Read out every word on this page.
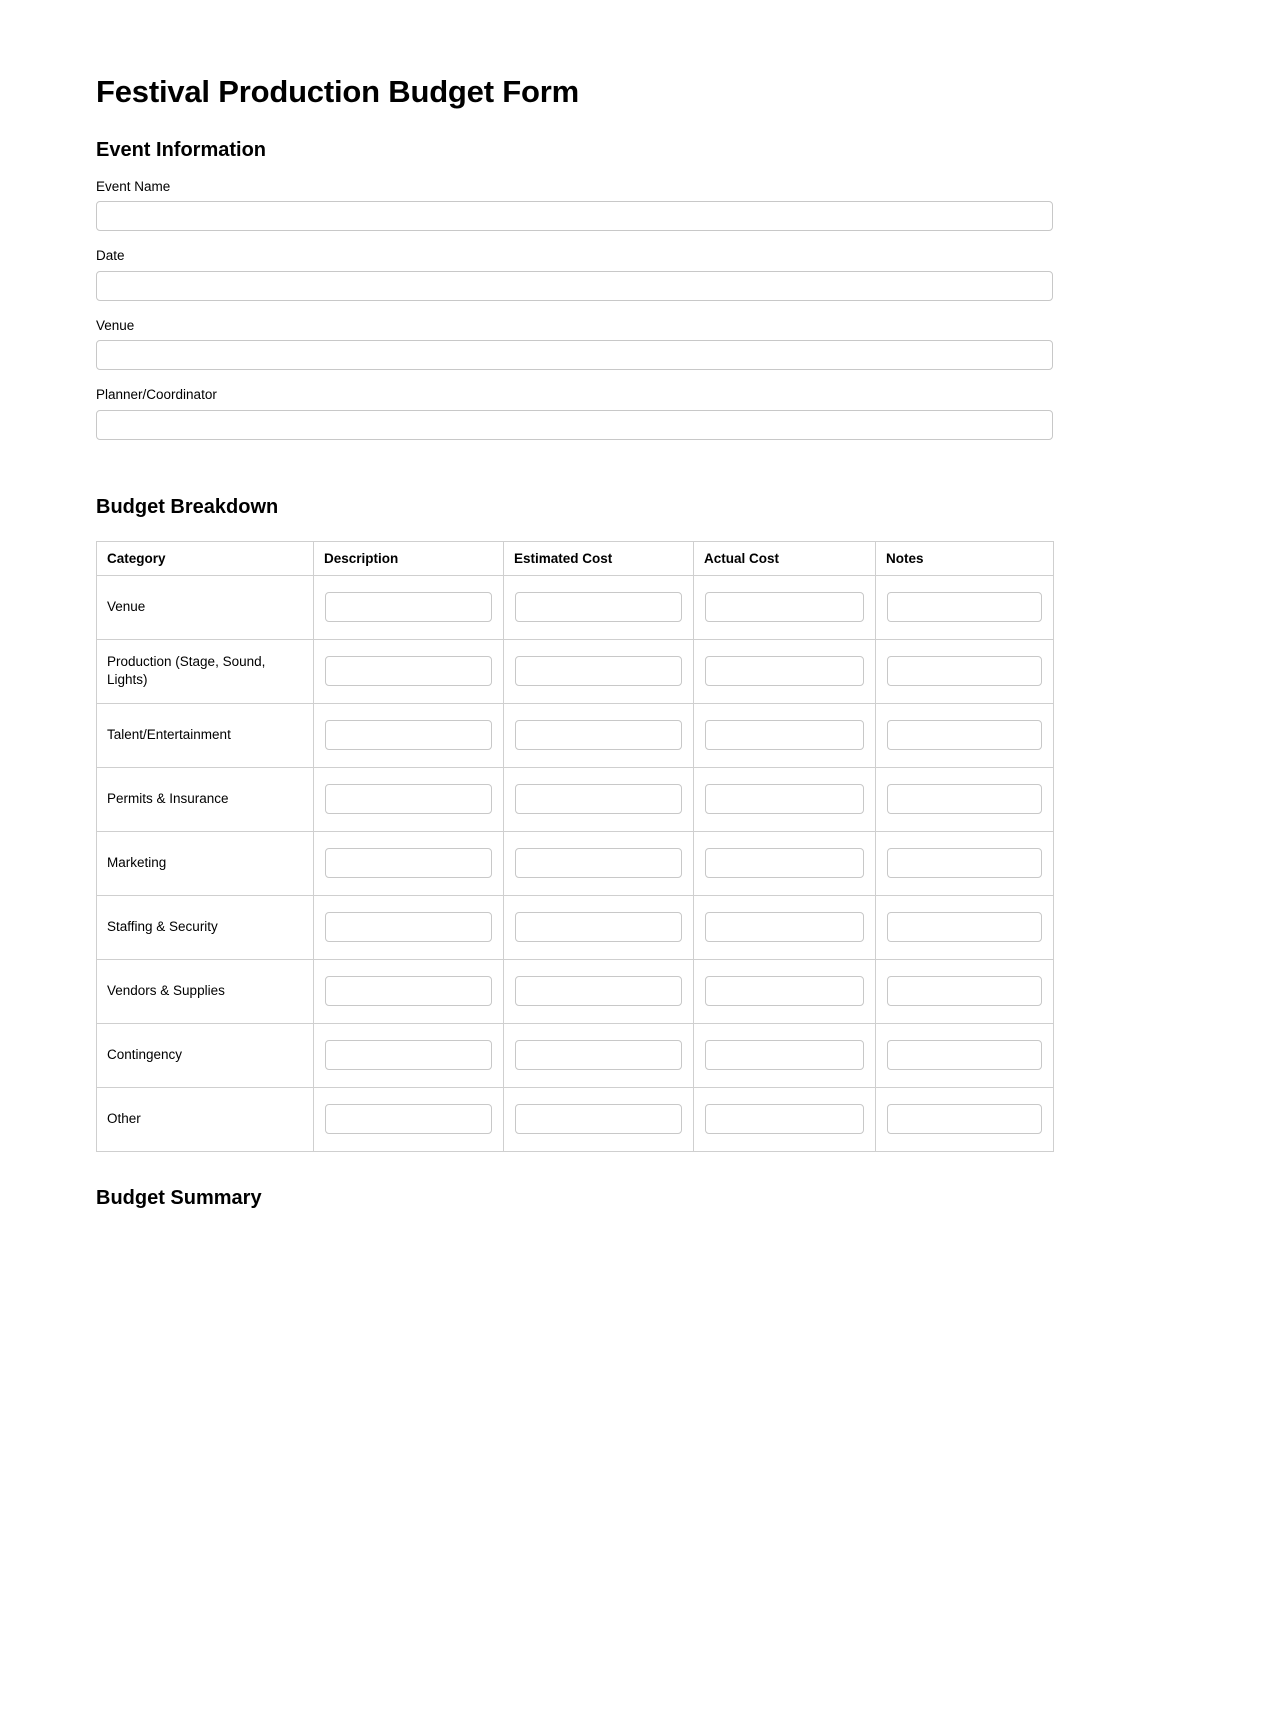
Festival Production Budget Form
Event Information
Event Name
Date
Venue
Planner/Coordinator
Budget Breakdown
Category	Description	Estimated Cost	Actual Cost	Notes
Venue				
Production (Stage, Sound, Lights)				
Talent/Entertainment				
Permits & Insurance				
Marketing				
Staffing & Security				
Vendors & Supplies				
Contingency				
Other				
Budget Summary
